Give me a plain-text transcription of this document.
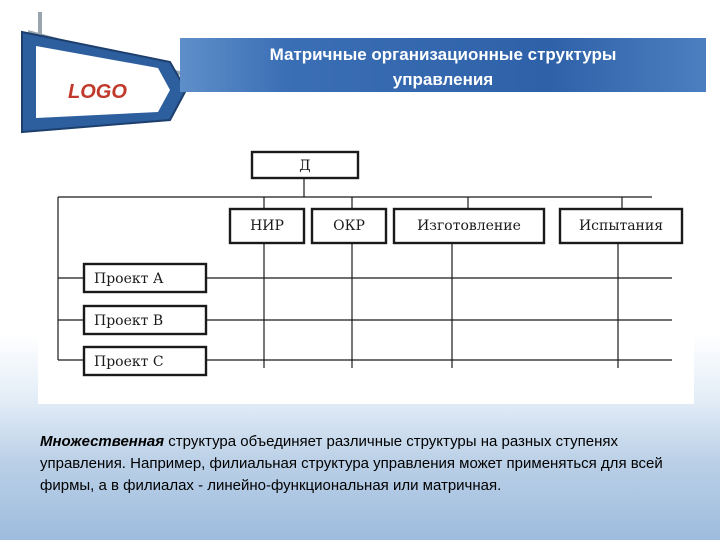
LOGO
Матричные организационные структуры
управления
Д
НИР	ОКР	Изготовление	Испытания
Проект А
Проект В
Проект С
Множественная структура объединяет различные структуры на разных ступенях управления. Например, филиальная структура управления может применяться для всей фирмы, а в филиалах - линейно-функциональная или матричная.
